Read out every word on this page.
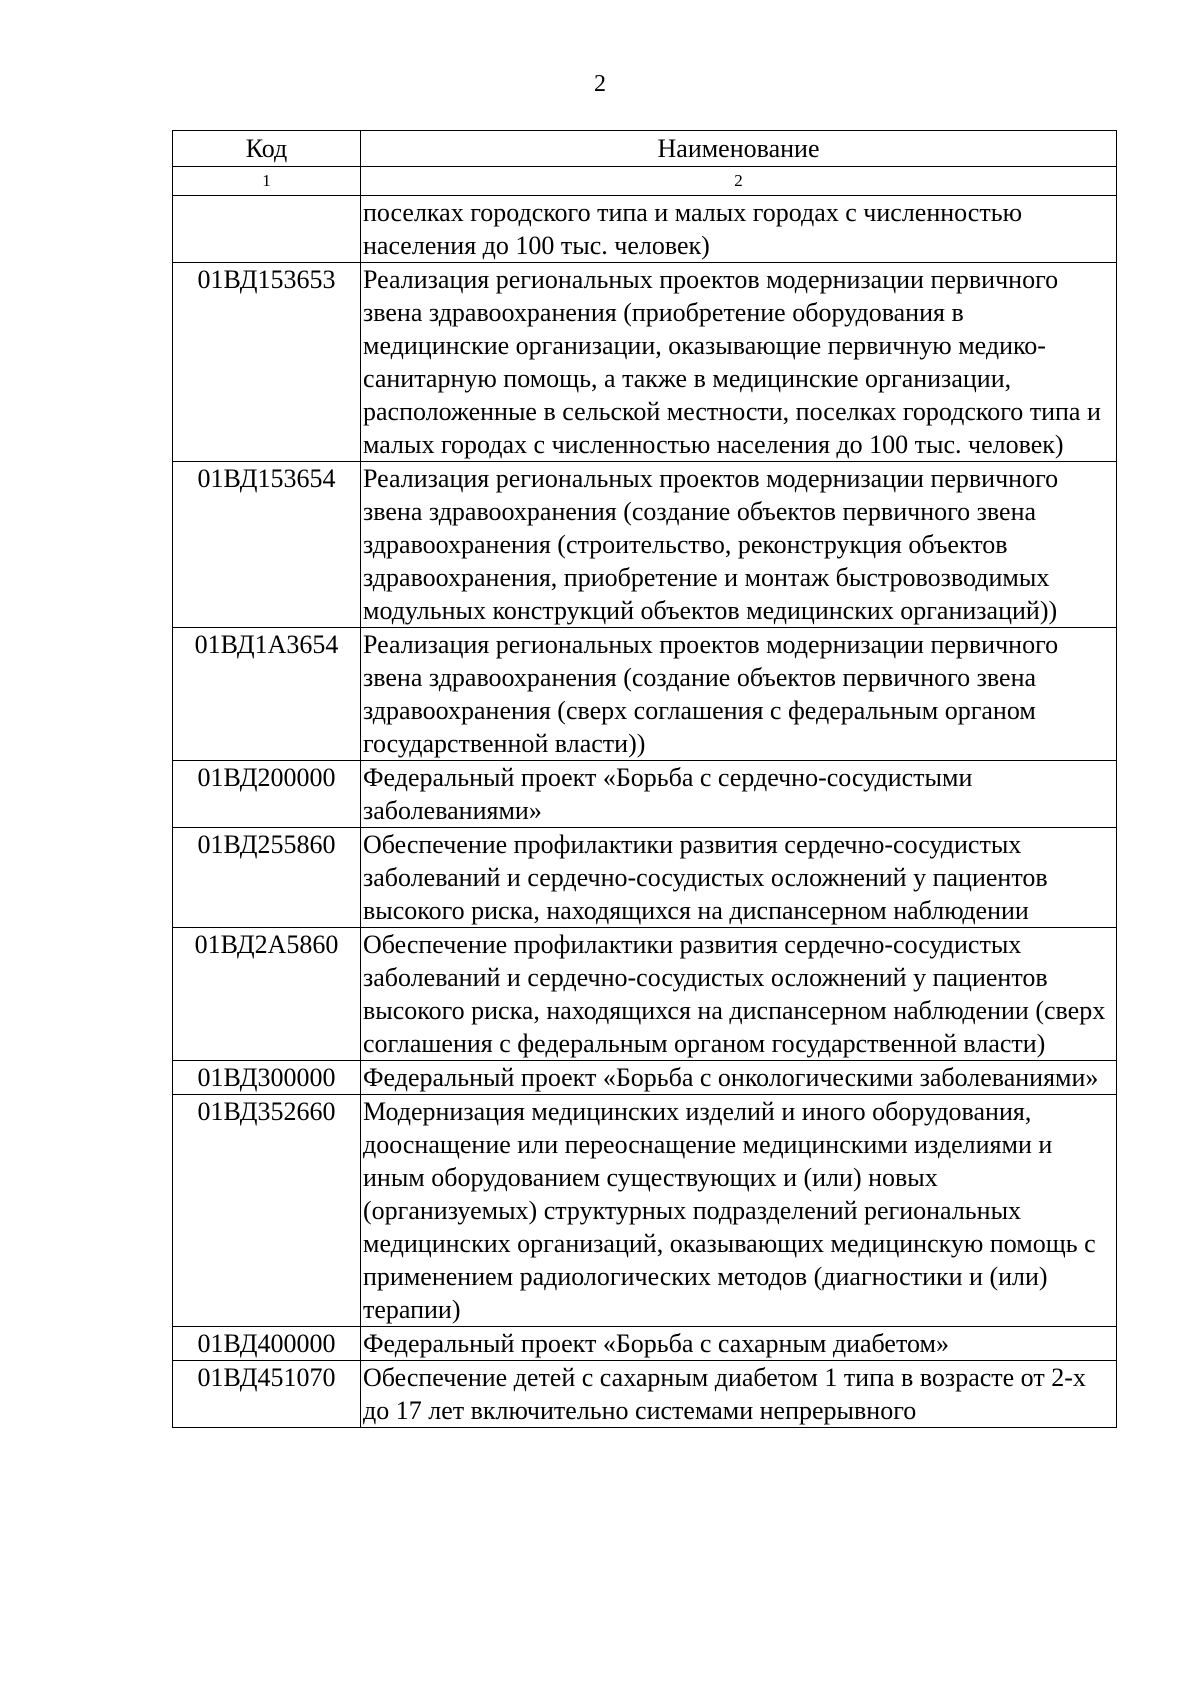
2
Код	Наименование
1	2
	поселках городского типа и малых городах с численностью населения до 100 тыс. человек)
01ВД153653	Реализация региональных проектов модернизации первичного звена здравоохранения (приобретение оборудования в медицинские организации, оказывающие первичную медико-санитарную помощь, а также в медицинские организации, расположенные в сельской местности, поселках городского типа и малых городах с численностью населения до 100 тыс. человек)
01ВД153654	Реализация региональных проектов модернизации первичного звена здравоохранения (создание объектов первичного звена здравоохранения (строительство, реконструкция объектов здравоохранения, приобретение и монтаж быстровозводимых модульных конструкций объектов медицинских организаций))
01ВД1А3654	Реализация региональных проектов модернизации первичного звена здравоохранения (создание объектов первичного звена здравоохранения (сверх соглашения с федеральным органом государственной власти))
01ВД200000	Федеральный проект «Борьба с сердечно-сосудистыми заболеваниями»
01ВД255860	Обеспечение профилактики развития сердечно-сосудистых заболеваний и сердечно-сосудистых осложнений у пациентов высокого риска, находящихся на диспансерном наблюдении
01ВД2А5860	Обеспечение профилактики развития сердечно-сосудистых заболеваний и сердечно-сосудистых осложнений у пациентов высокого риска, находящихся на диспансерном наблюдении (сверх соглашения с федеральным органом государственной власти)
01ВД300000	Федеральный проект «Борьба с онкологическими заболеваниями»
01ВД352660	Модернизация медицинских изделий и иного оборудования, дооснащение или переоснащение медицинскими изделиями и иным оборудованием существующих и (или) новых (организуемых) структурных подразделений региональных медицинских организаций, оказывающих медицинскую помощь с применением радиологических методов (диагностики и (или) терапии)
01ВД400000	Федеральный проект «Борьба с сахарным диабетом»
01ВД451070	Обеспечение детей с сахарным диабетом 1 типа в возрасте от 2-х до 17 лет включительно системами непрерывного
